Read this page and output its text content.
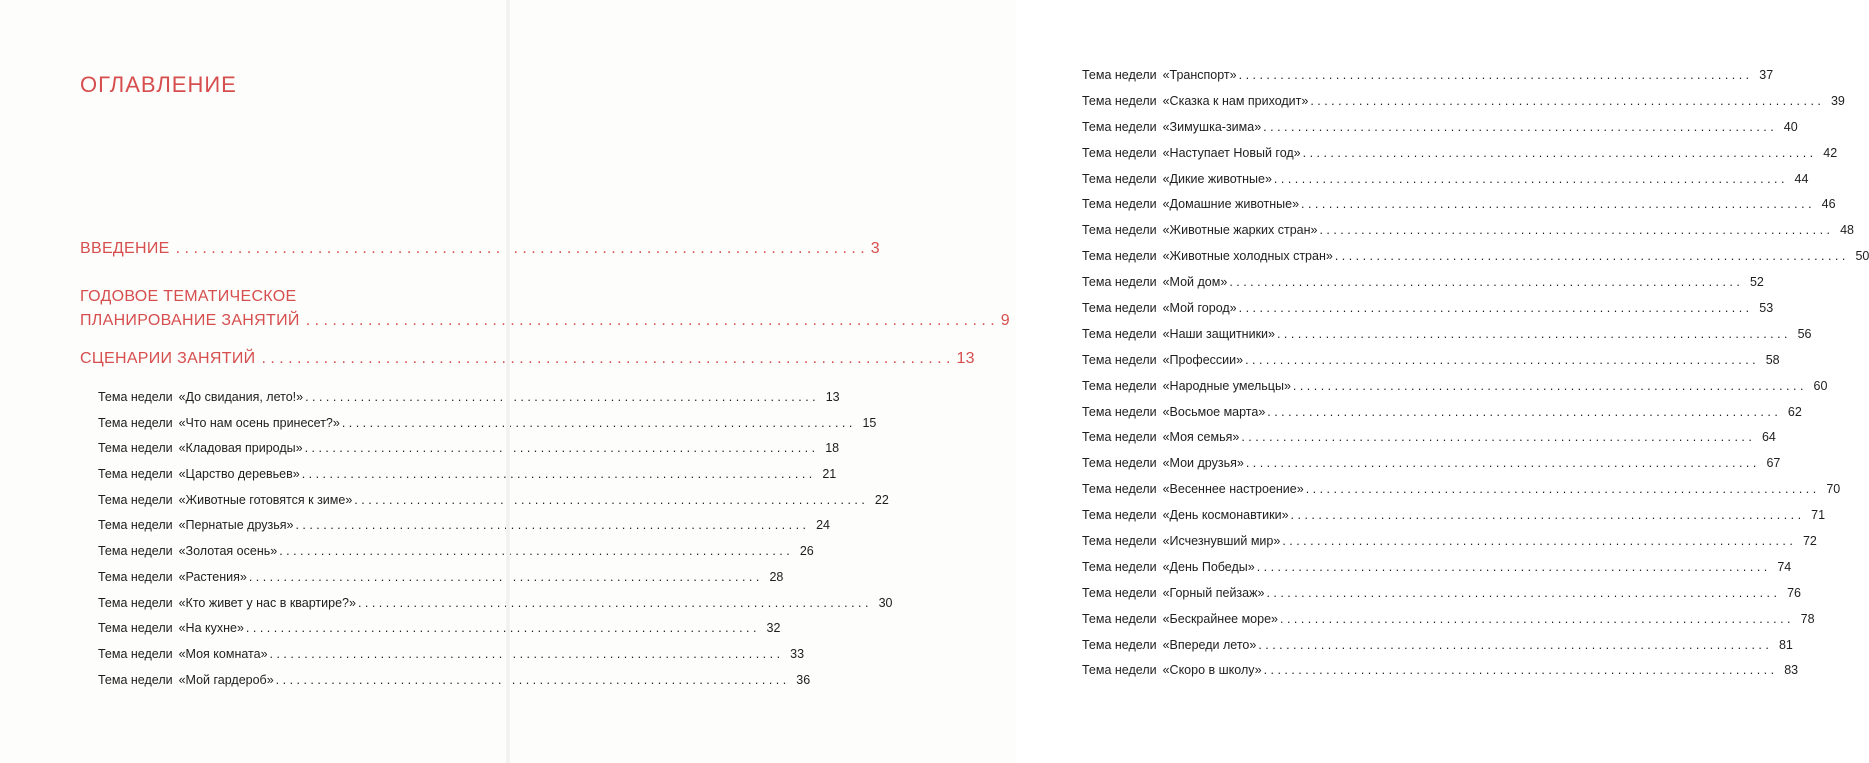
ОГЛАВЛЕНИЕ
ВВЕДЕНИЕ . . .	3
ГОДОВОЕ ТЕМАТИЧЕСКОЕ
ПЛАНИРОВАНИЕ ЗАНЯТИЙ . . .	9
СЦЕНАРИИ ЗАНЯТИЙ . . .	13
Тема недели «До свидания, лето!» . . .	13
Тема недели «Что нам осень принесет?» . . .	15
Тема недели «Кладовая природы» . . .	18
Тема недели «Царство деревьев» . . .	21
Тема недели «Животные готовятся к зиме» . . .	22
Тема недели «Пернатые друзья» . . .	24
Тема недели «Золотая осень» . . .	26
Тема недели «Растения» . . .	28
Тема недели «Кто живет у нас в квартире?» . . .	30
Тема недели «На кухне» . . .	32
Тема недели «Моя комната» . . .	33
Тема недели «Мой гардероб» . . .	36
Тема недели «Транспорт» . . .	37
Тема недели «Сказка к нам приходит» . . .	39
Тема недели «Зимушка-зима» . . .	40
Тема недели «Наступает Новый год» . . .	42
Тема недели «Дикие животные» . . .	44
Тема недели «Домашние животные» . . .	46
Тема недели «Животные жарких стран» . . .	48
Тема недели «Животные холодных стран» . . .	50
Тема недели «Мой дом» . . .	52
Тема недели «Мой город» . . .	53
Тема недели «Наши защитники» . . .	56
Тема недели «Профессии» . . .	58
Тема недели «Народные умельцы» . . .	60
Тема недели «Восьмое марта» . . .	62
Тема недели «Моя семья» . . .	64
Тема недели «Мои друзья» . . .	67
Тема недели «Весеннее настроение» . . .	70
Тема недели «День космонавтики» . . .	71
Тема недели «Исчезнувший мир» . . .	72
Тема недели «День Победы» . . .	74
Тема недели «Горный пейзаж» . . .	76
Тема недели «Бескрайнее море» . . .	78
Тема недели «Впереди лето» . . .	81
Тема недели «Скоро в школу» . . .	83
